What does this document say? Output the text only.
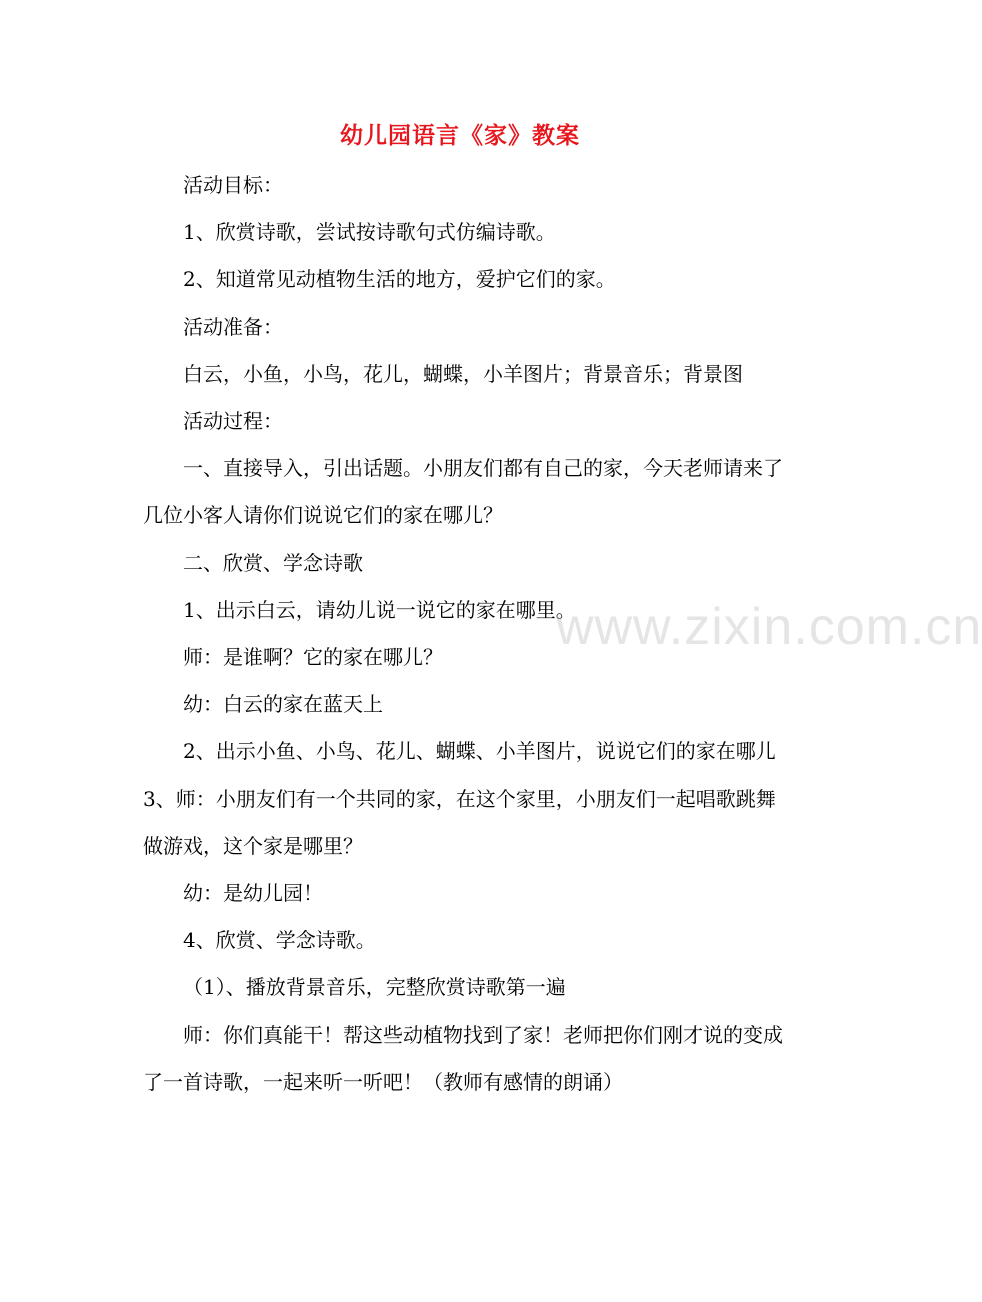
幼儿园语言《家》教案

活动目标：

1、欣赏诗歌，尝试按诗歌句式仿编诗歌。

2、知道常见动植物生活的地方，爱护它们的家。

活动准备：

白云，小鱼，小鸟，花儿，蝴蝶，小羊图片；背景音乐；背景图

活动过程：

一、直接导入，引出话题。小朋友们都有自己的家，今天老师请来了几位小客人请你们说说它们的家在哪儿？

二、欣赏、学念诗歌

1、出示白云，请幼儿说一说它的家在哪里。

师：是谁啊？它的家在哪儿？

幼：白云的家在蓝天上

2、出示小鱼、小鸟、花儿、蝴蝶、小羊图片，说说它们的家在哪儿3、师：小朋友们有一个共同的家，在这个家里，小朋友们一起唱歌跳舞做游戏，这个家是哪里？

幼：是幼儿园！

4、欣赏、学念诗歌。

（1）、播放背景音乐，完整欣赏诗歌第一遍

师：你们真能干！帮这些动植物找到了家！老师把你们刚才说的变成了一首诗歌，一起来听一听吧！（教师有感情的朗诵）

www.zixin.com.cn
